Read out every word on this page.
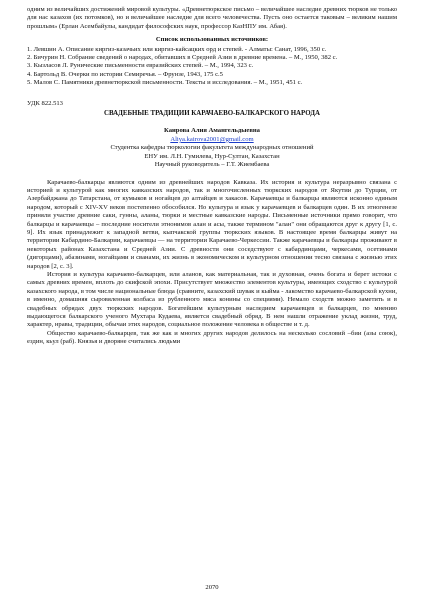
одним из величайших достижений мировой культуры. «Древнетюркское письмо – величайшее наследие древних тюрков не только для нас казахов (их потомков), но и величайшее наследие для всего человечества. Пусть оно остается таковым – великим нашим прошлым» (Ерлан Асембайулы, кандидат философских наук, профессор КазНПУ им. Абая).

Список использованных источников:

1. Левшин А. Описание киргиз-казачьих или киргиз-кайсацких орд и степей. - Алматы: Санат, 1996, 350 с.

2. Бичурин Н. Собрание сведений о народах, обитавших в Средней Азии в древние времена. – М., 1950, 382 с.

3. Кызласов Л. Рунические письменности евразийских степей. – М., 1994, 323 с.

4. Бартольд В. Очерки по истории Семиречья. – Фрунзе, 1943, 175 с.5

5. Малов С. Памятники древнетюркской письменности. Тексты и исследования. – М., 1951, 451 с.

УДК 822.513

СВАДЕБНЫЕ ТРАДИЦИИ КАРАЧАЕВО-БАЛКАРСКОГО НАРОДА
Каирова Алия Амангельдыевна
Aliya.kairova2001@gmail.com
Студентка кафедры тюркологии факультета международных отношений
ЕНУ им. Л.Н. Гумилева, Нур-Султан, Казахстан
Научный руководитель – Г.Т. Жиембаева

Карачаево-балкарцы являются одним из древнейших народов Кавказа. Их история и культура неразрывно связана с историей и культурой как многих кавказских народов, так и многочисленных тюркских народов от Якутии до Турции, от Азербайджана до Татарстана, от кумыков и ногайцев до алтайцев и хакасов. Карачаевцы и балкарцы являются исконно единым народом, который с XIV-XV веков постепенно обособился. Но культура и язык у карачаевцев и балкарцев один. В их этногенезе приняли участие древние саки, гунны, аланы, тюрки и местные кавказские народы. Письменные источники прямо говорят, что балкарцы и карачаевцы – последние носители этнонимов алан и асы, также термином "алан" они обращаются друг к другу [1, с. 9]. Их язык принадлежит к западной ветви, кыпчакской группы тюркских языков. В настоящее время балкарцы живут на территории Кабардино-Балкарии, карачаевцы — на территории Карачаево-Черкессии. Также карачаевцы и балкарцы проживают в некоторых районах Казахстана и Средней Азии. С древности они соседствуют с кабардинцами, черкесами, осетинами (дигорцами), абазинами, ногайцами и сванами, их жизнь в экономическом и культурном отношении тесно связана с жизнью этих народов [2, с. 3].

История и культура карачаево-балкарцев, или аланов, как материальная, так и духовная, очень богата и берет истоки с самых древних времен, вплоть до скифской эпохи. Присутствует множество элементов культуры, имеющих сходство с культурой казахского народа, в том числе национальные блюда (сравните, казахский шувак и кыйма - лакомство карачаево-балкарской кухни, в именно, домашняя сыровяленная колбаса из рубленного мяса конины со специями). Немало сходств можно заметить и в свадебных обрядах двух тюркских народов. Богатейшим культурным наследием карачаевцев и балкарцев, по мнению выдающегося балкарского ученого Мухтара Кудаева, является свадебный обряд. В нем нашли отражение уклад жизни, труд, характер, нравы, традиции, обычаи этих народов, социальное положение человека в обществе и т. д.

Общество карачаево-балкарцев, так же как и многих других народов делилось на несколько сословий –бии (азы союк), ездин, кьул (раб). Князья и дворяне считались людьми

2070
